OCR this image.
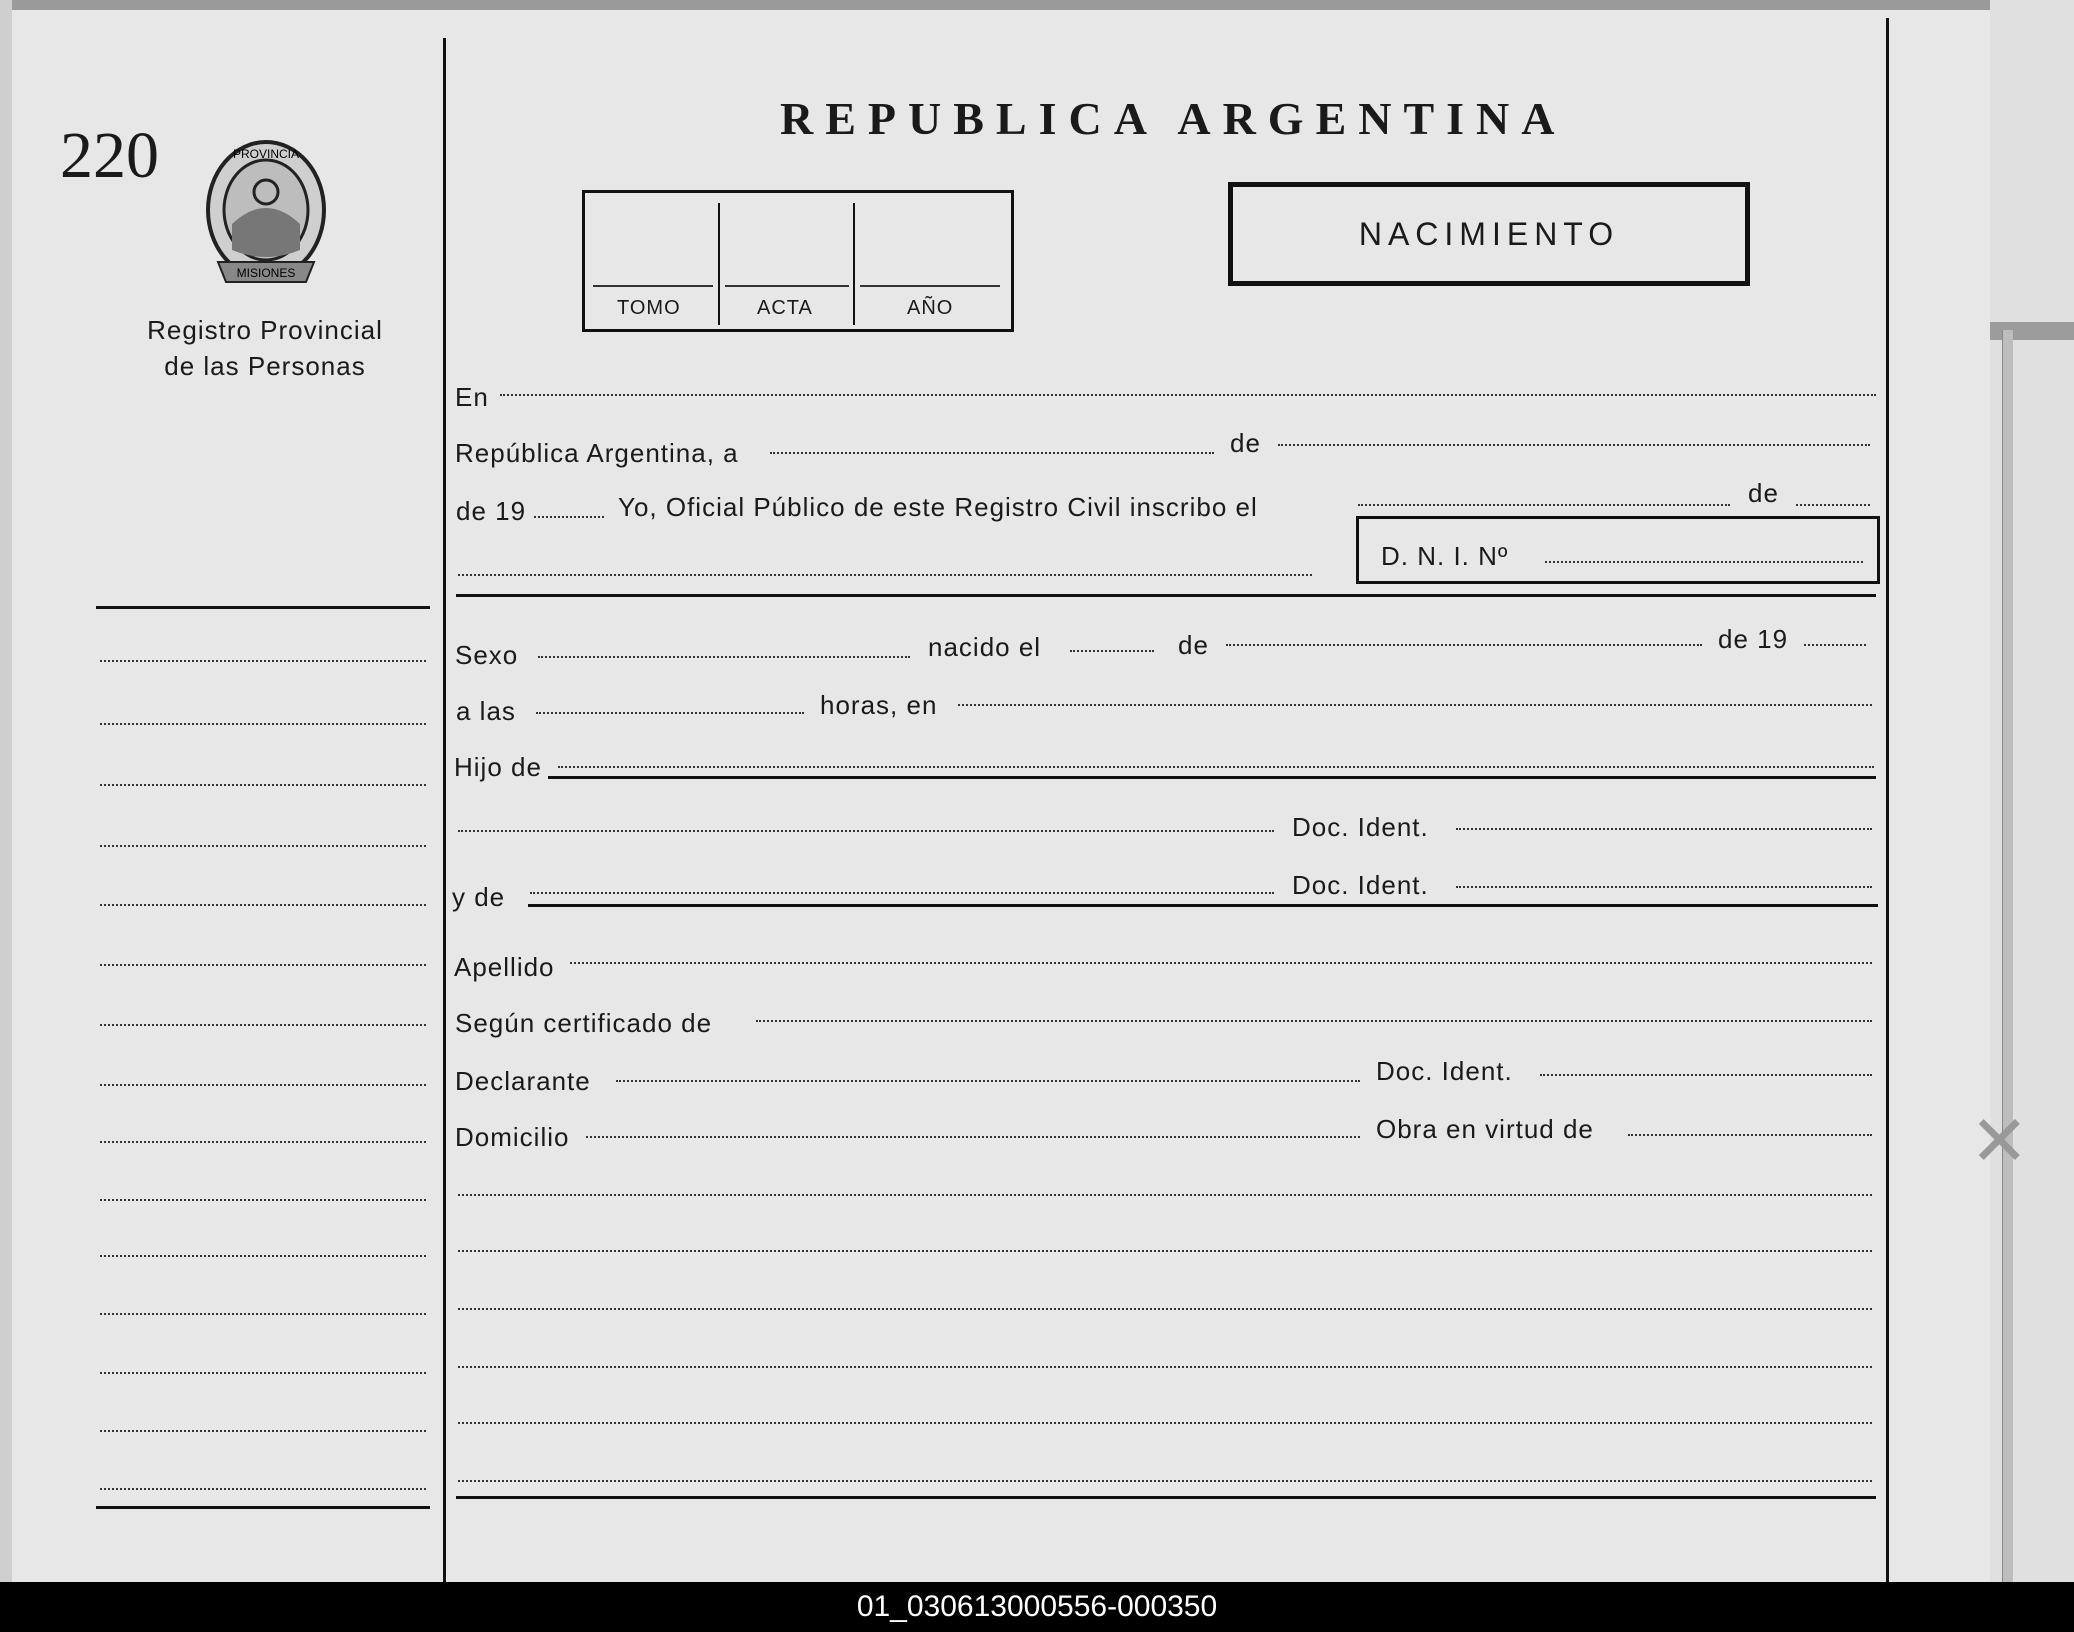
220	PROVINCIA
MISIONES
Registro Provincial
de las Personas
REPUBLICA ARGENTINA
TOMO	ACTA	AÑO
NACIMIENTO
En
República Argentina, a	de
de 19	Yo, Oficial Público de este Registro Civil inscribo el	de
D. N. I. Nº
Sexo	nacido el	de	de 19
a las	horas, en
Hijo de
Doc. Ident.
y de	Doc. Ident.
Apellido
Según certificado de
Declarante	Doc. Ident.
Domicilio	Obra en virtud de	✕
01_030613000556-000350
